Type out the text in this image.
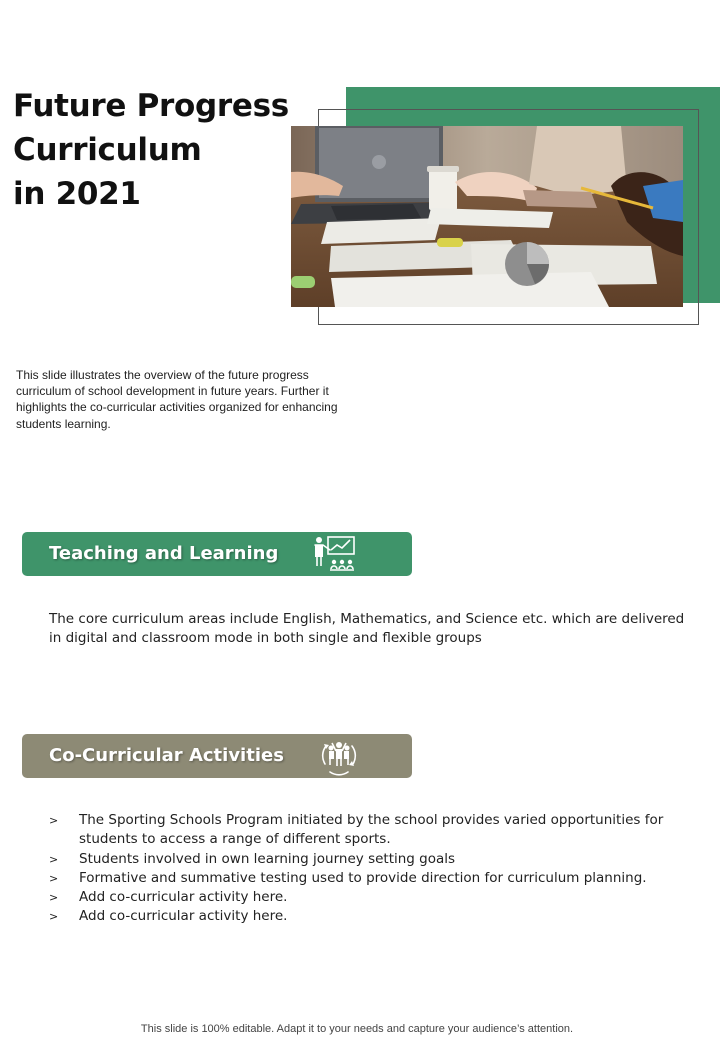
Future Progress
Curriculum
in 2021

This slide illustrates the overview of the future progress curriculum of school development in future years. Further it highlights the co-curricular activities organized for enhancing students learning.

Teaching and Learning

The core curriculum areas include English, Mathematics, and Science etc. which are delivered in digital and classroom mode in both single and flexible groups

Co-Curricular Activities
> The Sporting Schools Program initiated by the school provides varied opportunities for students to access a range of different sports.
> Students involved in own learning journey setting goals
> Formative and summative testing used to provide direction for curriculum planning.
> Add co-curricular activity here.
> Add co-curricular activity here.

This slide is 100% editable. Adapt it to your needs and capture your audience’s attention.
